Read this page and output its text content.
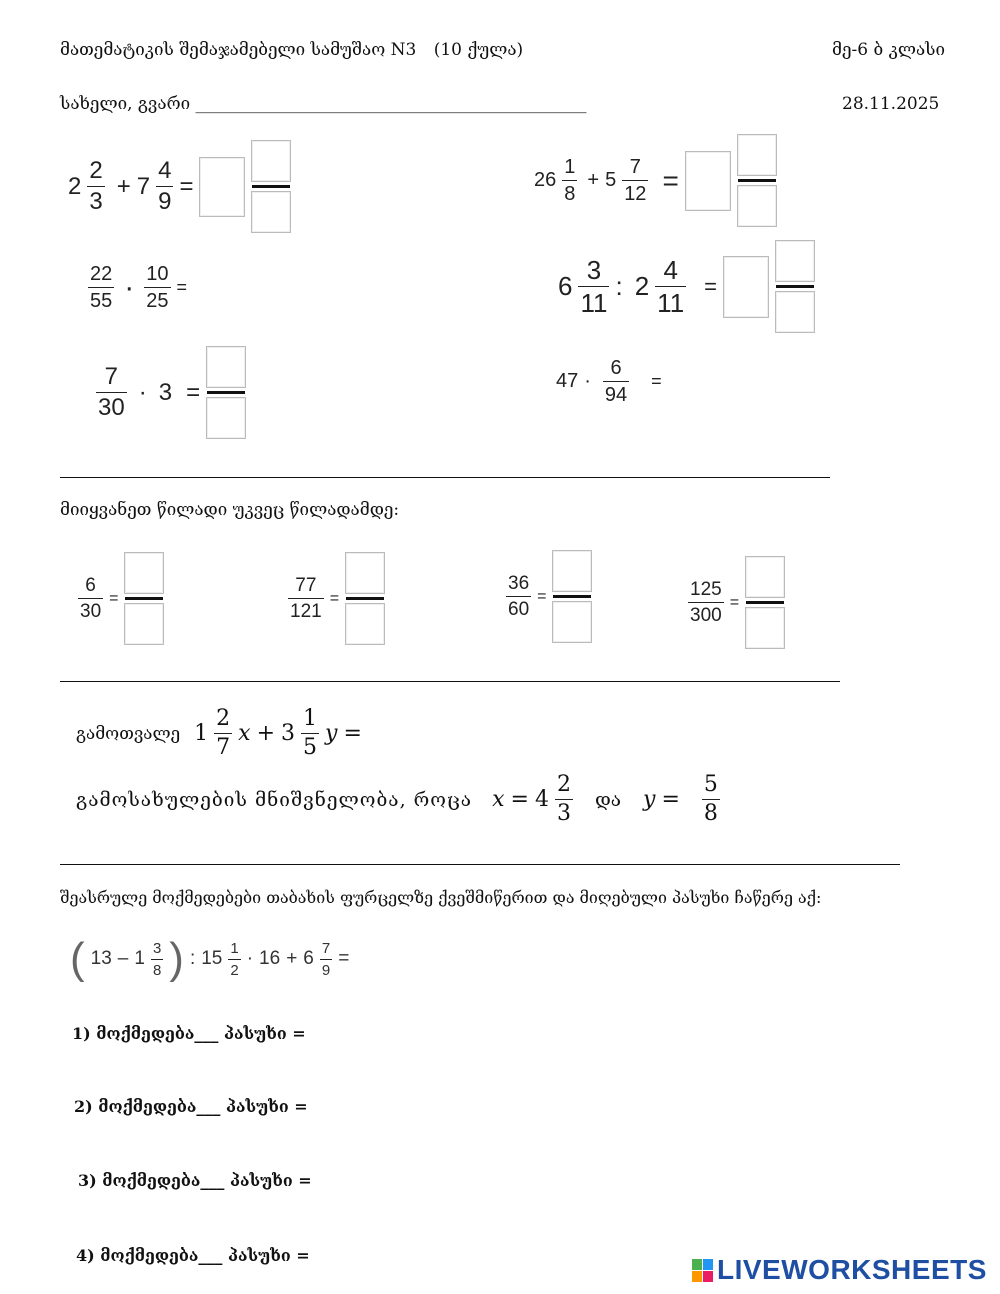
მათემატიკის შემაჯამებელი სამუშაო N3 (10 ქულა)	მე-6 ბ კლასი
სახელი, გვარი ______________________________________________	28.11.2025
$2 \frac{2}{3} + 7 \frac{4}{9}$ =	$26 \frac{1}{8} + 5 \frac{7}{12}$ =
$\frac{22}{55} \cdot \frac{10}{25}$ =	$6 \frac{3}{11}$ : $2 \frac{4}{11}$ =
$\frac{7}{30} \cdot 3$ =	$47 \cdot \frac{6}{94}$ =
მიიყვანეთ წილადი უკვეც წილადამდე:
$\frac{6}{30}$ =	$\frac{77}{121}$ =	$\frac{36}{60}$ =	$\frac{125}{300}$ =
გამოთვალე $1 \frac{2}{7}$ $x + 3 \frac{1}{5}$ y =
გამოსახულების მნიშვნელობა, როცა $x = 4 \frac{2}{3}$ და $y = \frac{5}{8}$
შეასრულე მოქმედებები თაბახის ფურცელზე ქვეშმიწერით და მიღებული პასუხი ჩაწერე აქ:
( $13 - 1 \frac{3}{8}$ ) : $15 \frac{1}{2} \cdot 16 + 6 \frac{7}{9}$ =
1) მოქმედება___ პასუხი =
2) მოქმედება___ პასუხი =
3) მოქმედება___ პასუხი =
4) მოქმედება___ პასუხი =	LIVEWORKSHEETS
